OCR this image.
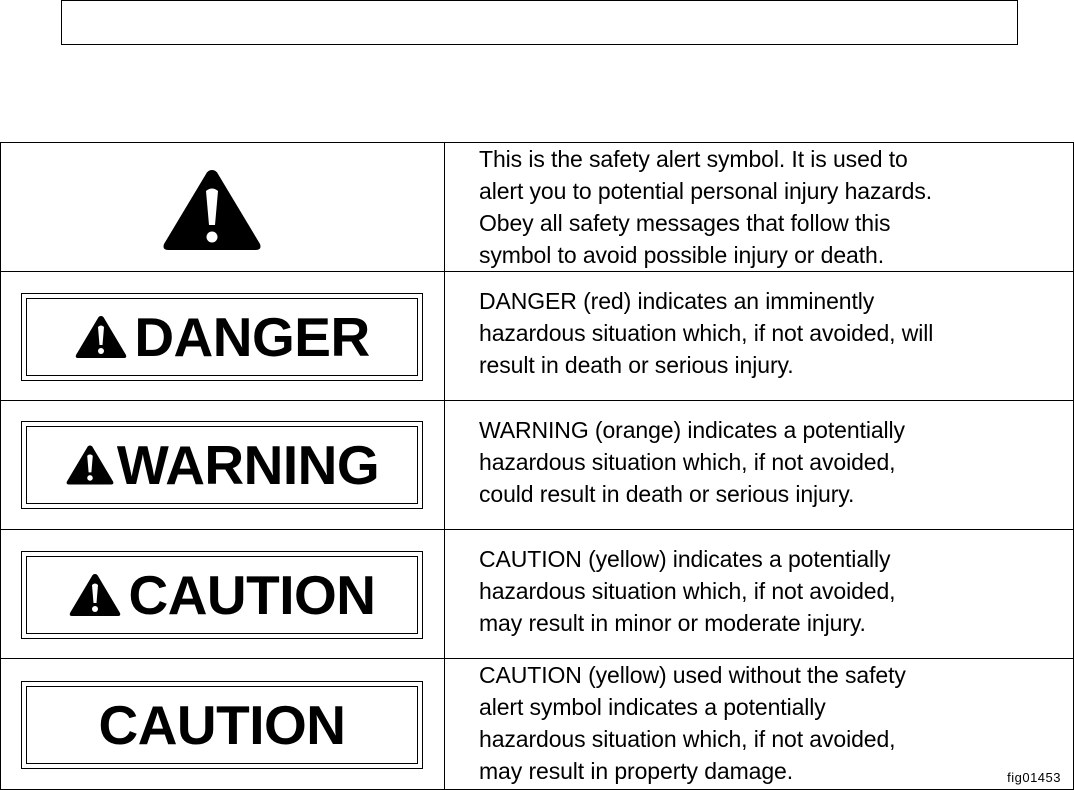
This is the safety alert symbol. It is used to
alert you to potential personal injury hazards.
Obey all safety messages that follow this
symbol to avoid possible injury or death.
DANGER
DANGER (red) indicates an imminently
hazardous situation which, if not avoided, will
result in death or serious injury.
WARNING
WARNING (orange) indicates a potentially
hazardous situation which, if not avoided,
could result in death or serious injury.
CAUTION
CAUTION (yellow) indicates a potentially
hazardous situation which, if not avoided,
may result in minor or moderate injury.
CAUTION
CAUTION (yellow) used without the safety
alert symbol indicates a potentially
hazardous situation which, if not avoided,
may result in property damage.	fig01453
